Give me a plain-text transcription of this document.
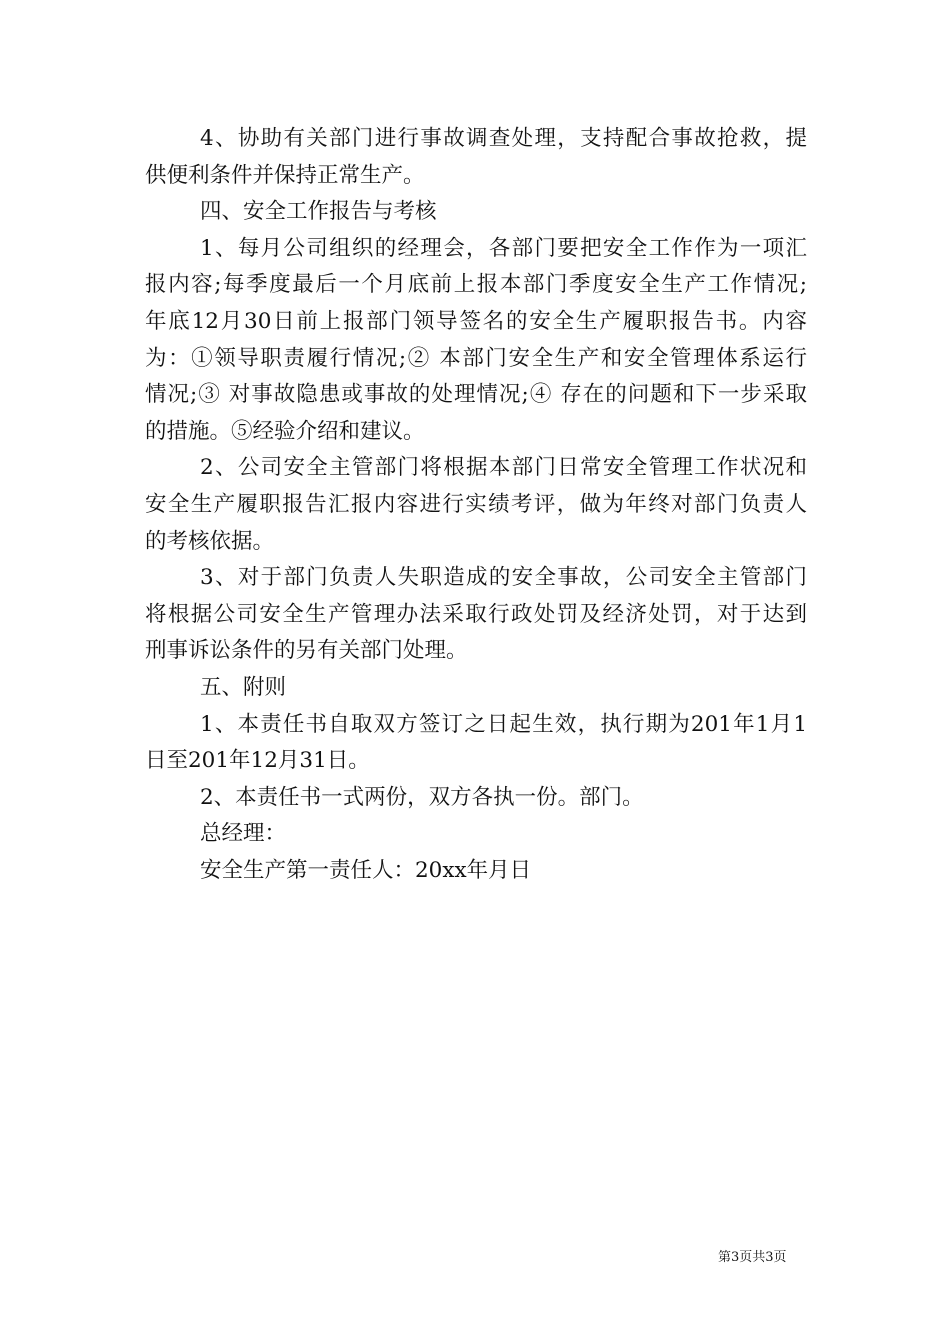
4、协助有关部门进行事故调查处理，支持配合事故抢救，提
供便利条件并保持正常生产。
四、安全工作报告与考核
1、每月公司组织的经理会，各部门要把安全工作作为一项汇
报内容;每季度最后一个月底前上报本部门季度安全生产工作情况;
年底12月30日前上报部门领导签名的安全生产履职报告书。内容
为：①领导职责履行情况;② 本部门安全生产和安全管理体系运行
情况;③ 对事故隐患或事故的处理情况;④ 存在的问题和下一步采取
的措施。⑤经验介绍和建议。
2、公司安全主管部门将根据本部门日常安全管理工作状况和
安全生产履职报告汇报内容进行实绩考评，做为年终对部门负责人
的考核依据。
3、对于部门负责人失职造成的安全事故，公司安全主管部门
将根据公司安全生产管理办法采取行政处罚及经济处罚，对于达到
刑事诉讼条件的另有关部门处理。
五、附则
1、本责任书自取双方签订之日起生效，执行期为201年1月1
日至201年12月31日。
2、本责任书一式两份，双方各执一份。部门。
总经理：
安全生产第一责任人：20xx年月日
第3页共3页
